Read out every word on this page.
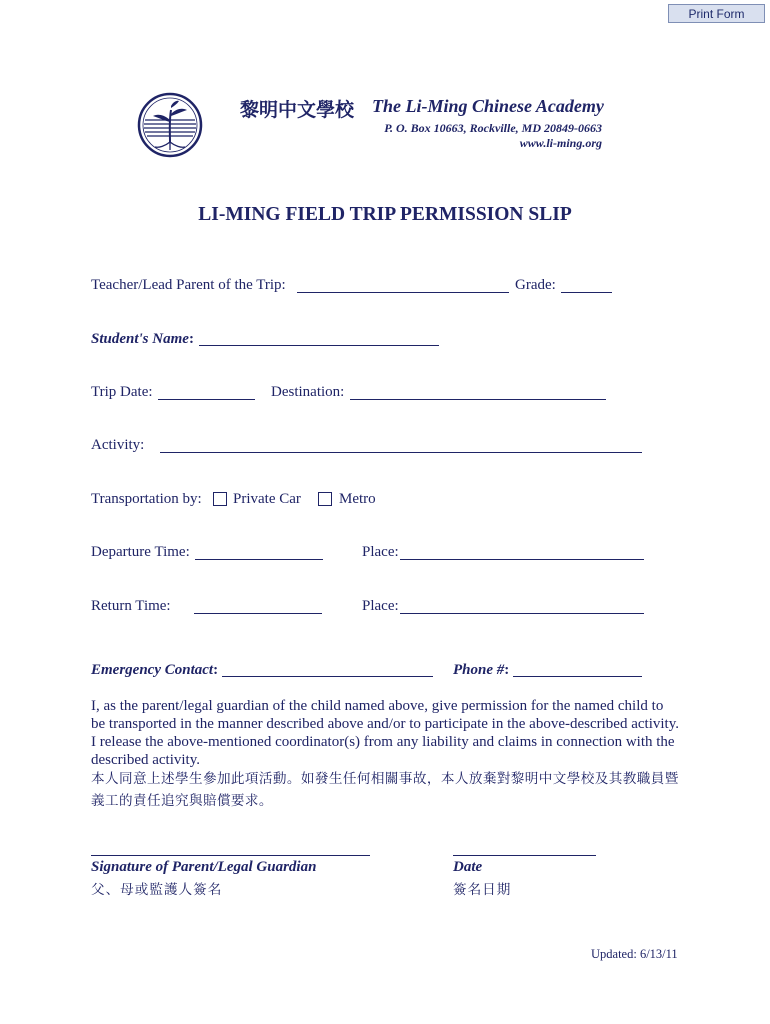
Print Form
黎明中文學校 The Li-Ming Chinese Academy
P. O. Box 10663, Rockville, MD 20849-0663
www.li-ming.org
LI-MING FIELD TRIP PERMISSION SLIP
Teacher/Lead Parent of the Trip:	Grade:
Student's Name:
Trip Date:	Destination:
Activity:
Transportation by: Private Car	Metro
Departure Time:	Place:
Return Time:	Place:
Emergency Contact:	Phone #:
I, as the parent/legal guardian of the child named above, give permission for the named child to be transported in the manner described above and/or to participate in the above-described activity. I release the above-mentioned coordinator(s) from any liability and claims in connection with the described activity.
本人同意上述學生參加此項活動。如發生任何相關事故，本人放棄對黎明中文學校及其教職員暨義工的責任追究與賠償要求。
Signature of Parent/Legal Guardian
父、母或監護人簽名
Date
簽名日期
Updated: 6/13/11
